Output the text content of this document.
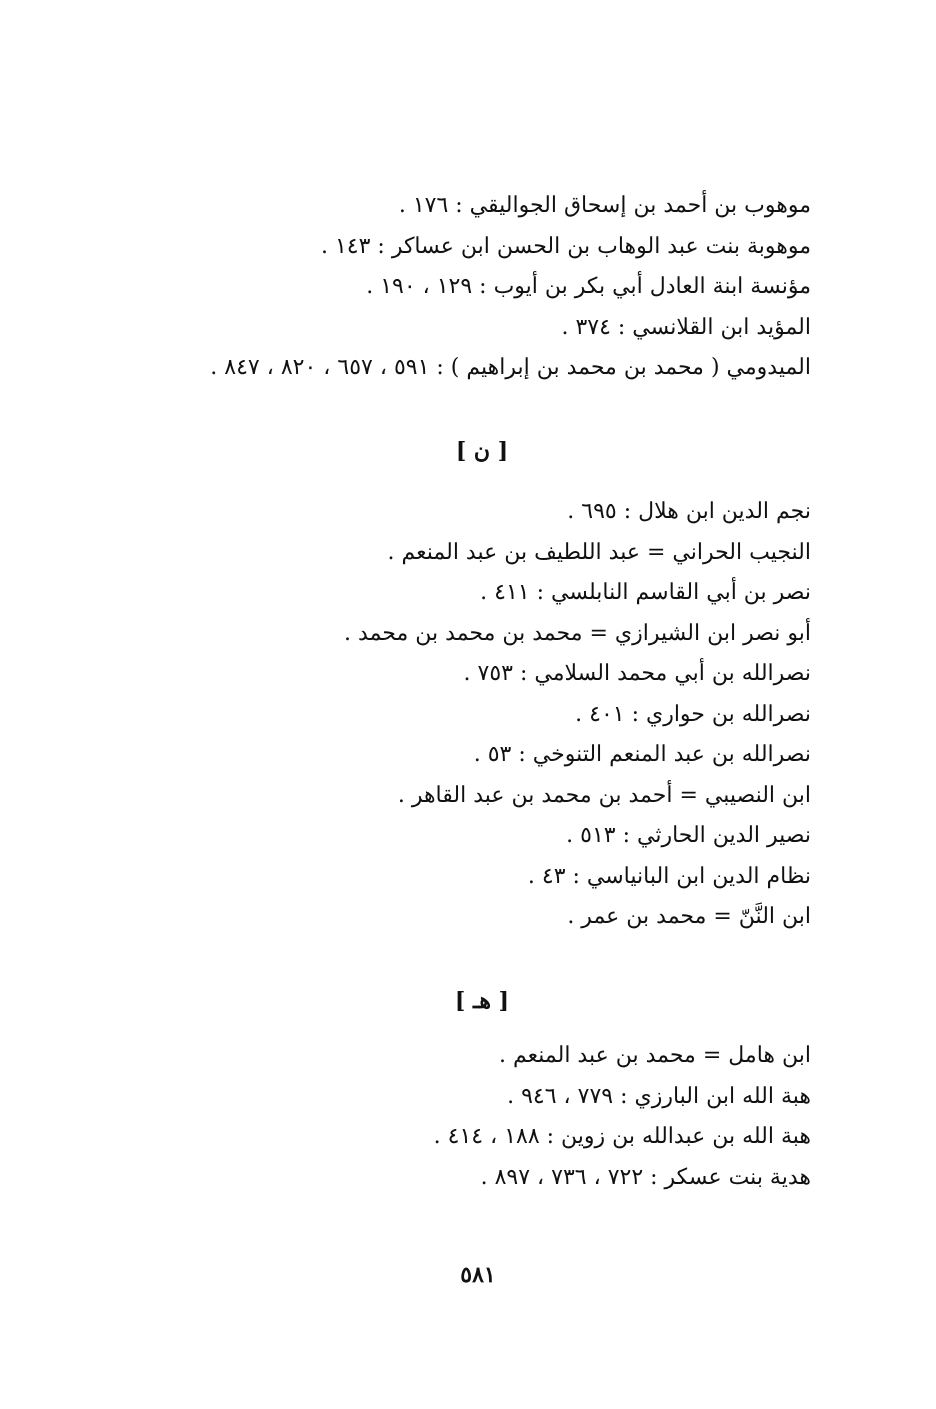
موهوب بن أحمد بن إسحاق الجواليقي : ١٧٦ .

موهوبة بنت عبد الوهاب بن الحسن ابن عساكر : ١٤٣ .

مؤنسة ابنة العادل أبي بكر بن أيوب : ١٢٩ ، ١٩٠ .

المؤيد ابن القلانسي : ٣٧٤ .

الميدومي ( محمد بن محمد بن إبراهيم ) : ٥٩١ ، ٦٥٧ ، ٨٢٠ ، ٨٤٧ .

[ ن ]

نجم الدين ابن هلال : ٦٩٥ .

النجيب الحراني = عبد اللطيف بن عبد المنعم .

نصر بن أبي القاسم النابلسي : ٤١١ .

أبو نصر ابن الشيرازي = محمد بن محمد بن محمد .

نصرالله بن أبي محمد السلامي : ٧٥٣ .

نصرالله بن حواري : ٤٠١ .

نصرالله بن عبد المنعم التنوخي : ٥٣ .

ابن النصيبي = أحمد بن محمد بن عبد القاهر .

نصير الدين الحارثي : ٥١٣ .

نظام الدين ابن البانياسي : ٤٣ .

ابن النَّنّ = محمد بن عمر .

[ هـ ]

ابن هامل = محمد بن عبد المنعم .

هبة الله ابن البارزي : ٧٧٩ ، ٩٤٦ .

هبة الله بن عبدالله بن زوين : ١٨٨ ، ٤١٤ .

هدية بنت عسكر : ٧٢٢ ، ٧٣٦ ، ٨٩٧ .

٥٨١
